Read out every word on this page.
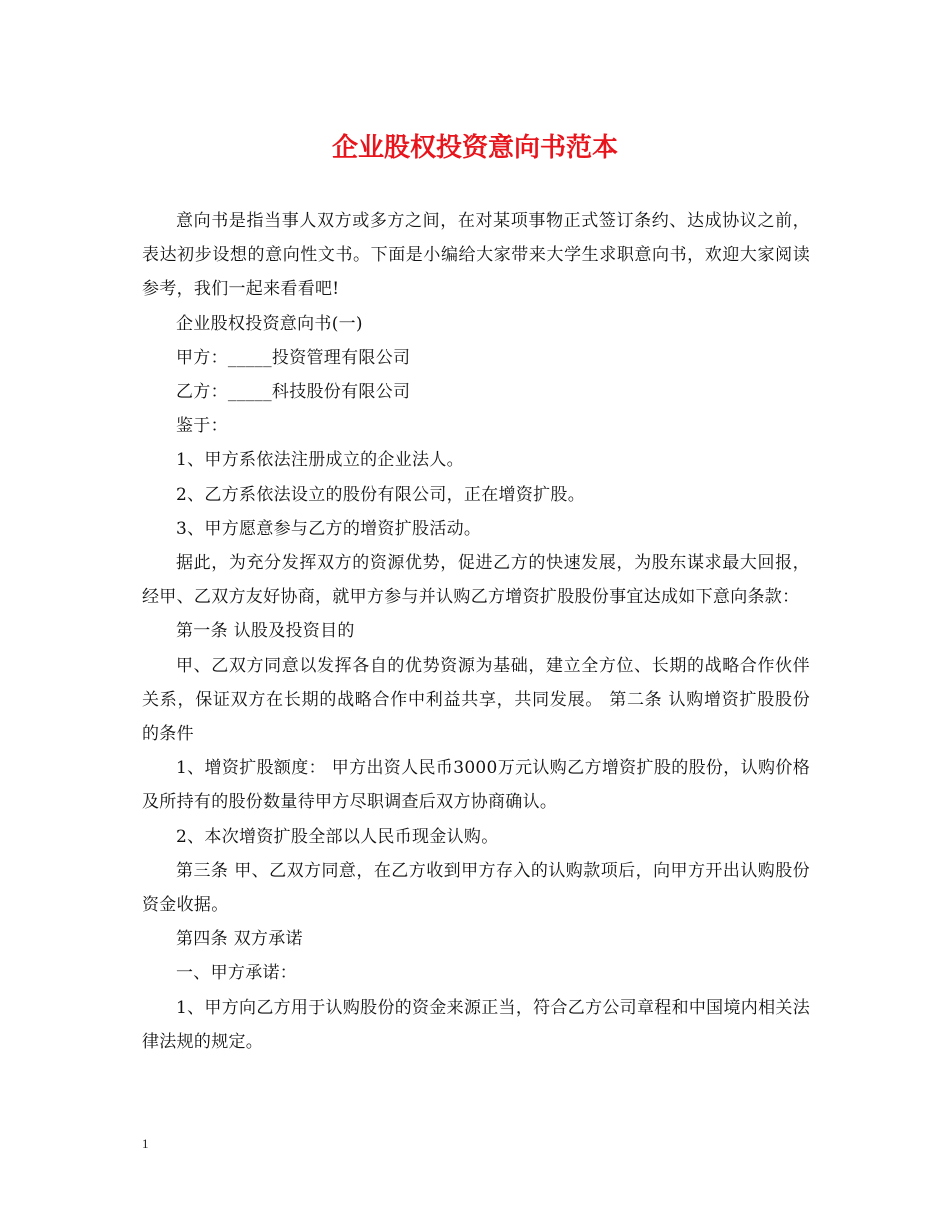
企业股权投资意向书范本

意向书是指当事人双方或多方之间，在对某项事物正式签订条约、达成协议之前，表达初步设想的意向性文书。下面是小编给大家带来大学生求职意向书，欢迎大家阅读参考，我们一起来看看吧!

企业股权投资意向书(一)

甲方：_____投资管理有限公司

乙方：_____科技股份有限公司

鉴于：

1、甲方系依法注册成立的企业法人。

2、乙方系依法设立的股份有限公司，正在增资扩股。

3、甲方愿意参与乙方的增资扩股活动。

据此，为充分发挥双方的资源优势，促进乙方的快速发展，为股东谋求最大回报，经甲、乙双方友好协商，就甲方参与并认购乙方增资扩股股份事宜达成如下意向条款：

第一条 认股及投资目的

甲、乙双方同意以发挥各自的优势资源为基础，建立全方位、长期的战略合作伙伴关系，保证双方在长期的战略合作中利益共享，共同发展。 第二条 认购增资扩股股份的条件

1、增资扩股额度： 甲方出资人民币3000万元认购乙方增资扩股的股份，认购价格及所持有的股份数量待甲方尽职调查后双方协商确认。

2、本次增资扩股全部以人民币现金认购。

第三条 甲、乙双方同意，在乙方收到甲方存入的认购款项后，向甲方开出认购股份资金收据。

第四条 双方承诺

一、甲方承诺：

1、甲方向乙方用于认购股份的资金来源正当，符合乙方公司章程和中国境内相关法律法规的规定。

1
